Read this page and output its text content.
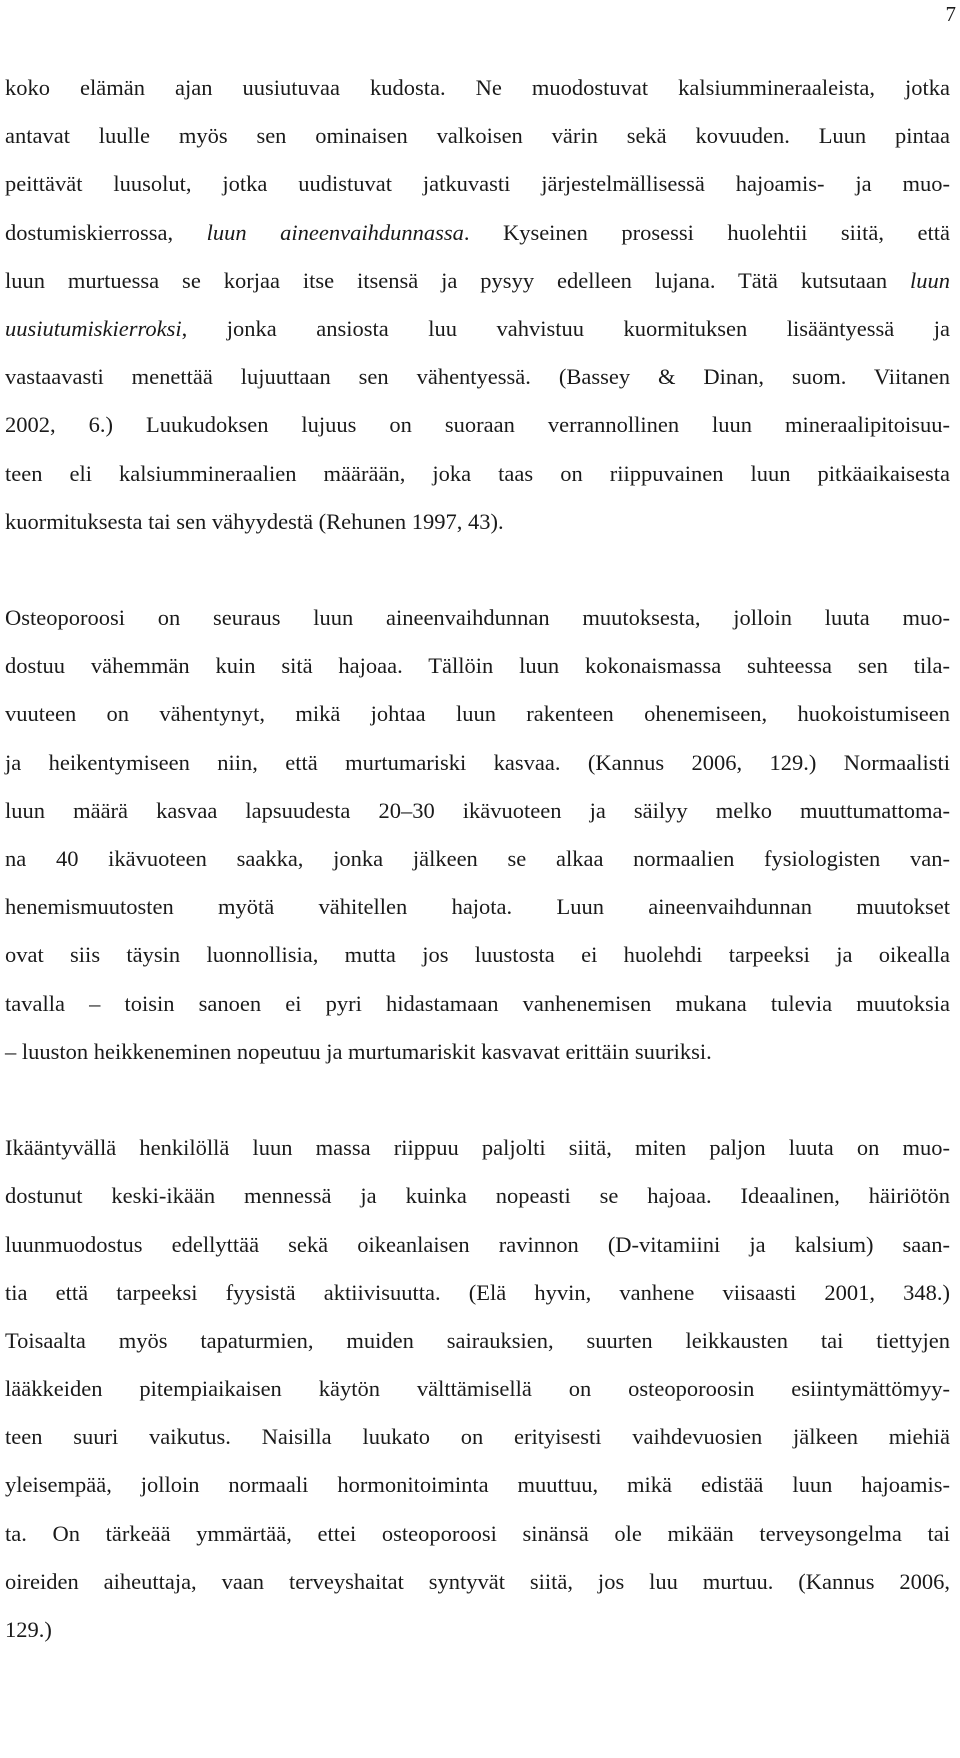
7
koko elämän ajan uusiutuvaa kudosta. Ne muodostuvat kalsiummineraaleista, jotka
antavat luulle myös sen ominaisen valkoisen värin sekä kovuuden. Luun pintaa
peittävät luusolut, jotka uudistuvat jatkuvasti järjestelmällisessä hajoamis- ja muo-
dostumiskierrossa, luun aineenvaihdunnassa. Kyseinen prosessi huolehtii siitä, että
luun murtuessa se korjaa itse itsensä ja pysyy edelleen lujana. Tätä kutsutaan luun
uusiutumiskierroksi, jonka ansiosta luu vahvistuu kuormituksen lisääntyessä ja
vastaavasti menettää lujuuttaan sen vähentyessä. (Bassey & Dinan, suom. Viitanen
2002, 6.) Luukudoksen lujuus on suoraan verrannollinen luun mineraalipitoisuu-
teen eli kalsiummineraalien määrään, joka taas on riippuvainen luun pitkäaikaisesta
kuormituksesta tai sen vähyydestä (Rehunen 1997, 43).
Osteoporoosi on seuraus luun aineenvaihdunnan muutoksesta, jolloin luuta muo-
dostuu vähemmän kuin sitä hajoaa. Tällöin luun kokonaismassa suhteessa sen tila-
vuuteen on vähentynyt, mikä johtaa luun rakenteen ohenemiseen, huokoistumiseen
ja heikentymiseen niin, että murtumariski kasvaa. (Kannus 2006, 129.) Normaalisti
luun määrä kasvaa lapsuudesta 20–30 ikävuoteen ja säilyy melko muuttumattoma-
na 40 ikävuoteen saakka, jonka jälkeen se alkaa normaalien fysiologisten van-
henemismuutosten myötä vähitellen hajota. Luun aineenvaihdunnan muutokset
ovat siis täysin luonnollisia, mutta jos luustosta ei huolehdi tarpeeksi ja oikealla
tavalla – toisin sanoen ei pyri hidastamaan vanhenemisen mukana tulevia muutoksia
– luuston heikkeneminen nopeutuu ja murtumariskit kasvavat erittäin suuriksi.
Ikääntyvällä henkilöllä luun massa riippuu paljolti siitä, miten paljon luuta on muo-
dostunut keski-ikään mennessä ja kuinka nopeasti se hajoaa. Ideaalinen, häiriötön
luunmuodostus edellyttää sekä oikeanlaisen ravinnon (D-vitamiini ja kalsium) saan-
tia että tarpeeksi fyysistä aktiivisuutta. (Elä hyvin, vanhene viisaasti 2001, 348.)
Toisaalta myös tapaturmien, muiden sairauksien, suurten leikkausten tai tiettyjen
lääkkeiden pitempiaikaisen käytön välttämisellä on osteoporoosin esiintymättömyy-
teen suuri vaikutus. Naisilla luukato on erityisesti vaihdevuosien jälkeen miehiä
yleisempää, jolloin normaali hormonitoiminta muuttuu, mikä edistää luun hajoamis-
ta. On tärkeää ymmärtää, ettei osteoporoosi sinänsä ole mikään terveysongelma tai
oireiden aiheuttaja, vaan terveyshaitat syntyvät siitä, jos luu murtuu. (Kannus 2006,
129.)
